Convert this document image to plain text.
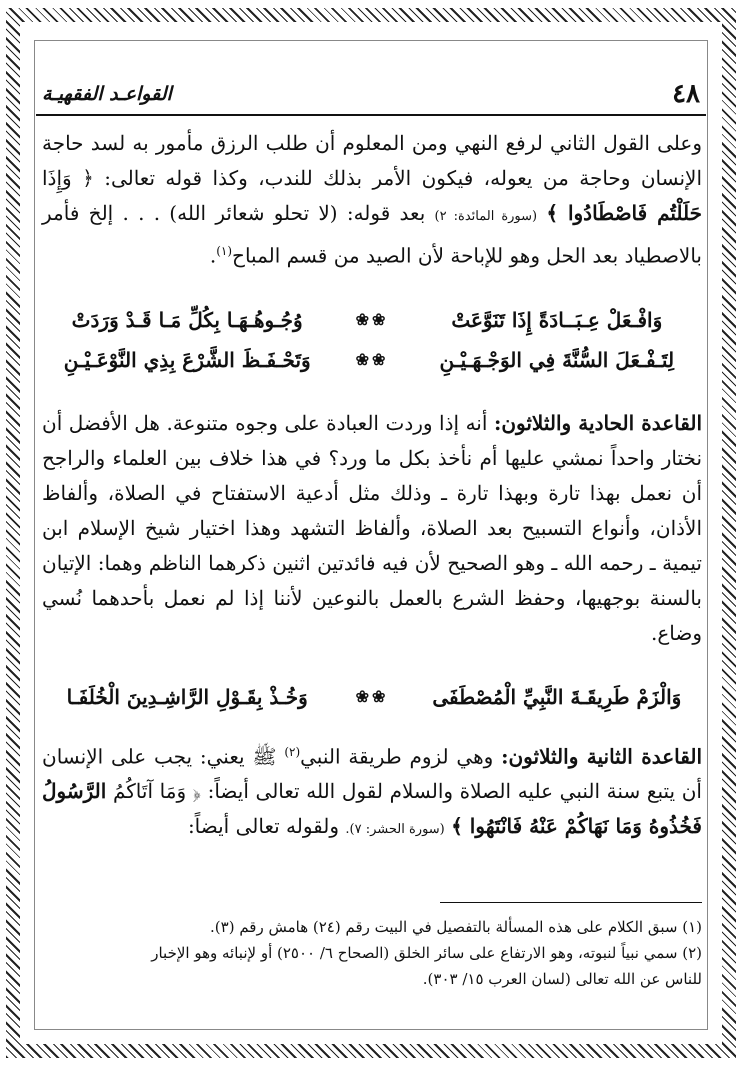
٤٨
القواعـد الفقهيـة

وعلى القول الثاني لرفع النهي ومن المعلوم أن طلب الرزق مأمور به لسد حاجة الإنسان وحاجة من يعوله، فيكون الأمر بذلك للندب، وكذا قوله تعالى: ﴿ وَإِذَا حَلَلْتُم فَاصْطَادُوا ﴾ (سورة المائدة: ٢) بعد قوله: (لا تحلو شعائر الله) . . . إلخ فأمر بالاصطياد بعد الحل وهو للإباحة لأن الصيد من قسم المباح$^{(١)}$.

وَافْـعَلْ عِـبَــادَةً إِذَا تَنَوَّعَتْ
❀❀
وُجُـوهُـهَـا بِكُلِّ مَـا قَـدْ وَرَدَتْ
لِتَـفْـعَلَ السُّنَّةَ فِي الوَجْـهَـيْـنِ
❀❀
وَتَحْـفَـظَ الشَّرْعَ بِذِي النَّوْعَـيْـنِ

القاعدة الحادية والثلاثون: أنه إذا وردت العبادة على وجوه متنوعة. هل الأفضل أن نختار واحداً نمشي عليها أم نأخذ بكل ما ورد؟ في هذا خلاف بين العلماء والراجح أن نعمل بهذا تارة وبهذا تارة ـ وذلك مثل أدعية الاستفتاح في الصلاة، وألفاظ الأذان، وأنواع التسبيح بعد الصلاة، وألفاظ التشهد وهذا اختيار شيخ الإسلام ابن تيمية ـ رحمه الله ـ وهو الصحيح لأن فيه فائدتين اثنين ذكرهما الناظم وهما: الإتيان بالسنة بوجهيها، وحفظ الشرع بالعمل بالنوعين لأننا إذا لم نعمل بأحدهما نُسي وضاع.

وَالْزَمْ طَرِيقَـةَ النَّبِيِّ الْمُصْطَفَى
❀❀
وَخُـذْ بِقَـوْلِ الرَّاشِـدِينَ الْخُلَفَـا

القاعدة الثانية والثلاثون: وهي لزوم طريقة النبي$^{(٢)}$ ﷺ يعني: يجب على الإنسان أن يتبع سنة النبي عليه الصلاة والسلام لقول الله تعالى أيضاً: ﴿ وَمَا آتَاكُمُ الرَّسُولُ فَخُذُوهُ وَمَا نَهَاكُمْ عَنْهُ فَانْتَهُوا ﴾ (سورة الحشر: ٧). ولقوله تعالى أيضاً:

(١) سبق الكلام على هذه المسألة بالتفصيل في البيت رقم (٢٤) هامش رقم (٣).
(٢) سمي نبياً لنبوته، وهو الارتفاع على سائر الخلق (الصحاح ٦/ ٢٥٠٠) أو لإنبائه وهو الإخبار
للناس عن الله تعالى (لسان العرب ١٥/ ٣٠٣).
